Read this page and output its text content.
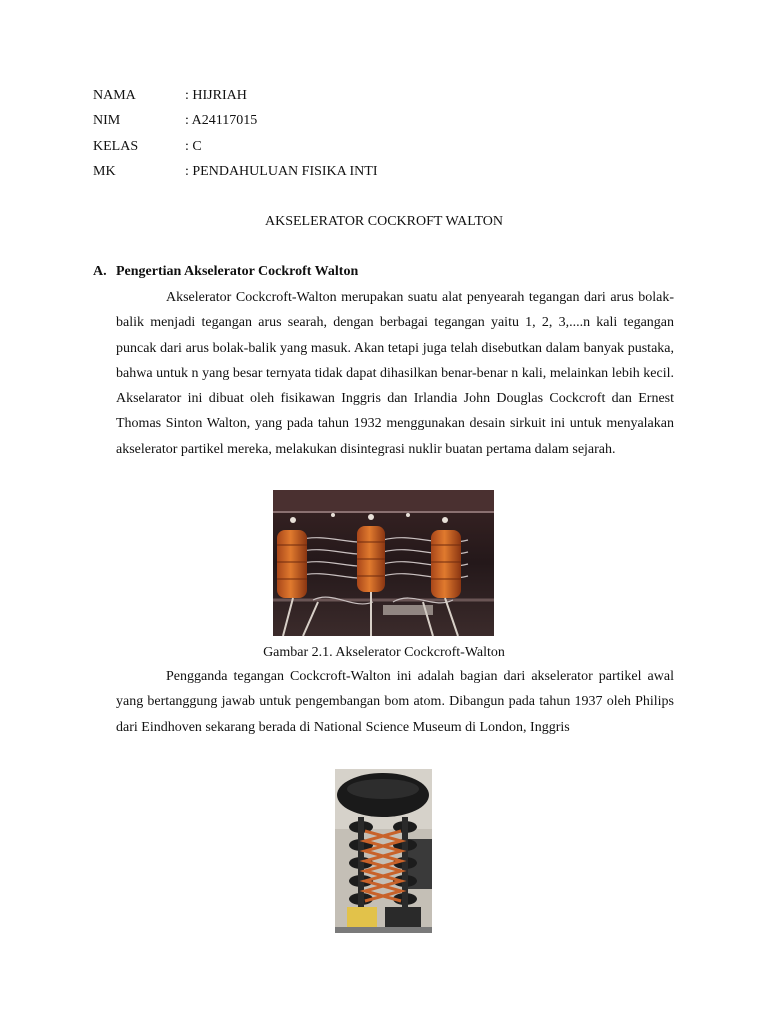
NAMA	: HIJRIAH
NIM	: A24117015
KELAS	: C
MK	: PENDAHULUAN FISIKA INTI
AKSELERATOR COCKROFT WALTON
A. Pengertian Akselerator Cockroft Walton

Akselerator Cockcroft-Walton merupakan suatu alat penyearah tegangan dari arus bolak-balik menjadi tegangan arus searah, dengan berbagai tegangan yaitu 1, 2, 3,....n kali tegangan puncak dari arus bolak-balik yang masuk. Akan tetapi juga telah disebutkan dalam banyak pustaka, bahwa untuk n yang besar ternyata tidak dapat dihasilkan benar-benar n kali, melainkan lebih kecil. Akselarator ini dibuat oleh fisikawan Inggris dan Irlandia John Douglas Cockcroft dan Ernest Thomas Sinton Walton, yang pada tahun 1932 menggunakan desain sirkuit ini untuk menyalakan akselerator partikel mereka, melakukan disintegrasi nuklir buatan pertama dalam sejarah.

Gambar 2.1. Akselerator Cockcroft-Walton

Pengganda tegangan Cockcroft-Walton ini adalah bagian dari akselerator partikel awal yang bertanggung jawab untuk pengembangan bom atom. Dibangun pada tahun 1937 oleh Philips dari Eindhoven sekarang berada di National Science Museum di London, Inggris
